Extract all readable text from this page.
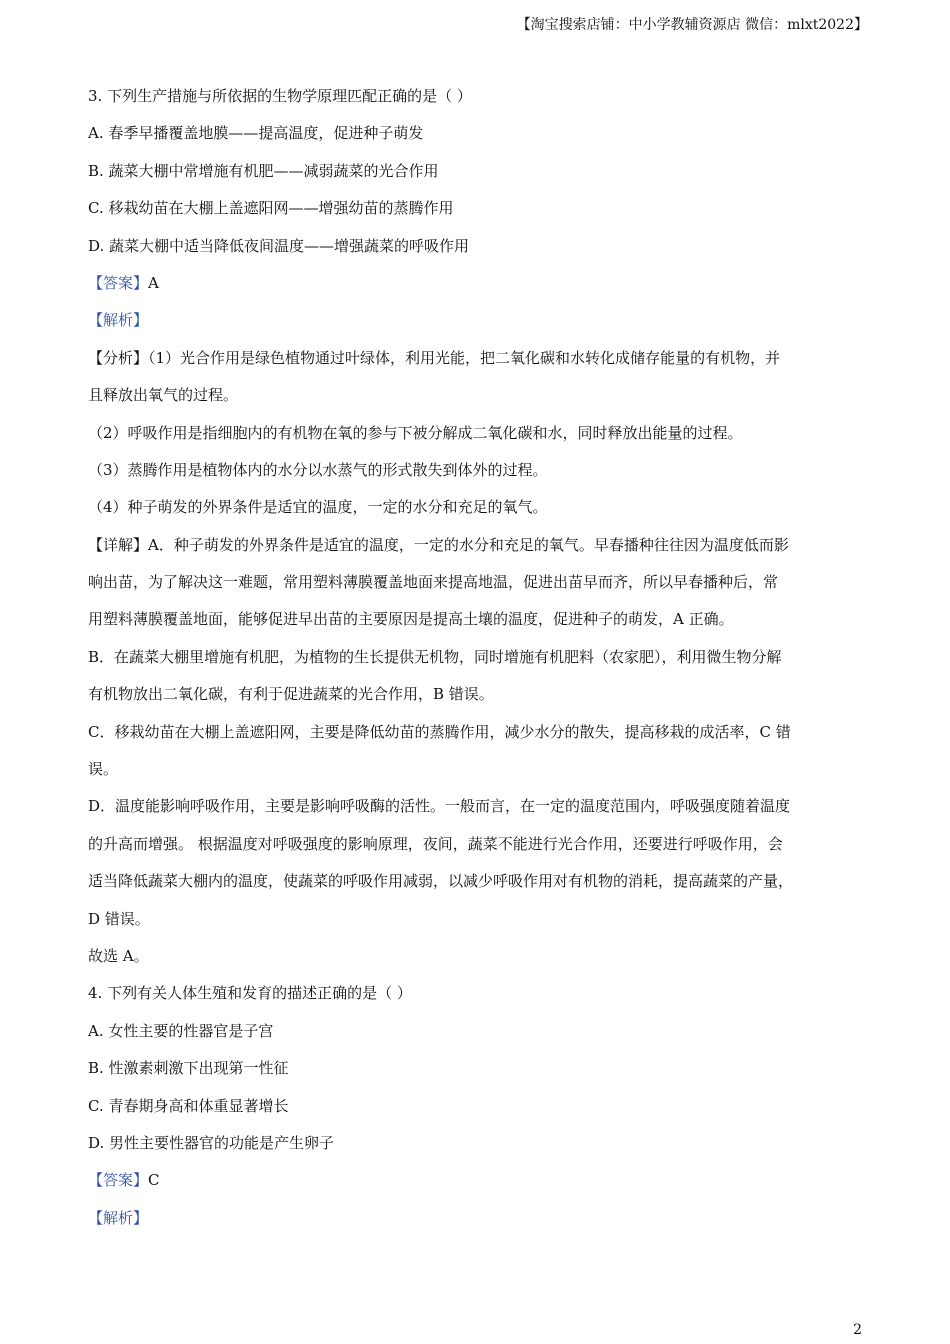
【淘宝搜索店铺：中小学教辅资源店 微信：mlxt2022】
3. 下列生产措施与所依据的生物学原理匹配正确的是（ ）
A. 春季早播覆盖地膜——提高温度，促进种子萌发
B. 蔬菜大棚中常增施有机肥——减弱蔬菜的光合作用
C. 移栽幼苗在大棚上盖遮阳网——增强幼苗的蒸腾作用
D. 蔬菜大棚中适当降低夜间温度——增强蔬菜的呼吸作用
【答案】A
【解析】
【分析】（1）光合作用是绿色植物通过叶绿体，利用光能，把二氧化碳和水转化成储存能量的有机物，并
且释放出氧气的过程。
（2）呼吸作用是指细胞内的有机物在氧的参与下被分解成二氧化碳和水，同时释放出能量的过程。
（3）蒸腾作用是植物体内的水分以水蒸气的形式散失到体外的过程。
（4）种子萌发的外界条件是适宜的温度，一定的水分和充足的氧气。
【详解】A．种子萌发的外界条件是适宜的温度，一定的水分和充足的氧气。早春播种往往因为温度低而影
响出苗，为了解决这一难题，常用塑料薄膜覆盖地面来提高地温，促进出苗早而齐，所以早春播种后，常
用塑料薄膜覆盖地面，能够促进早出苗的主要原因是提高土壤的温度，促进种子的萌发，A 正确。
B．在蔬菜大棚里增施有机肥，为植物的生长提供无机物，同时增施有机肥料（农家肥），利用微生物分解
有机物放出二氧化碳，有利于促进蔬菜的光合作用，B 错误。
C．移栽幼苗在大棚上盖遮阳网，主要是降低幼苗的蒸腾作用，减少水分的散失，提高移栽的成活率，C 错
误。
D．温度能影响呼吸作用，主要是影响呼吸酶的活性。一般而言，在一定的温度范围内，呼吸强度随着温度
的升高而增强。 根据温度对呼吸强度的影响原理，夜间，蔬菜不能进行光合作用，还要进行呼吸作用，会
适当降低蔬菜大棚内的温度，使蔬菜的呼吸作用减弱，以减少呼吸作用对有机物的消耗，提高蔬菜的产量，
D 错误。
故选 A。
4. 下列有关人体生殖和发育的描述正确的是（ ）
A. 女性主要的性器官是子宫
B. 性激素刺激下出现第一性征
C. 青春期身高和体重显著增长
D. 男性主要性器官的功能是产生卵子
【答案】C
【解析】
2
